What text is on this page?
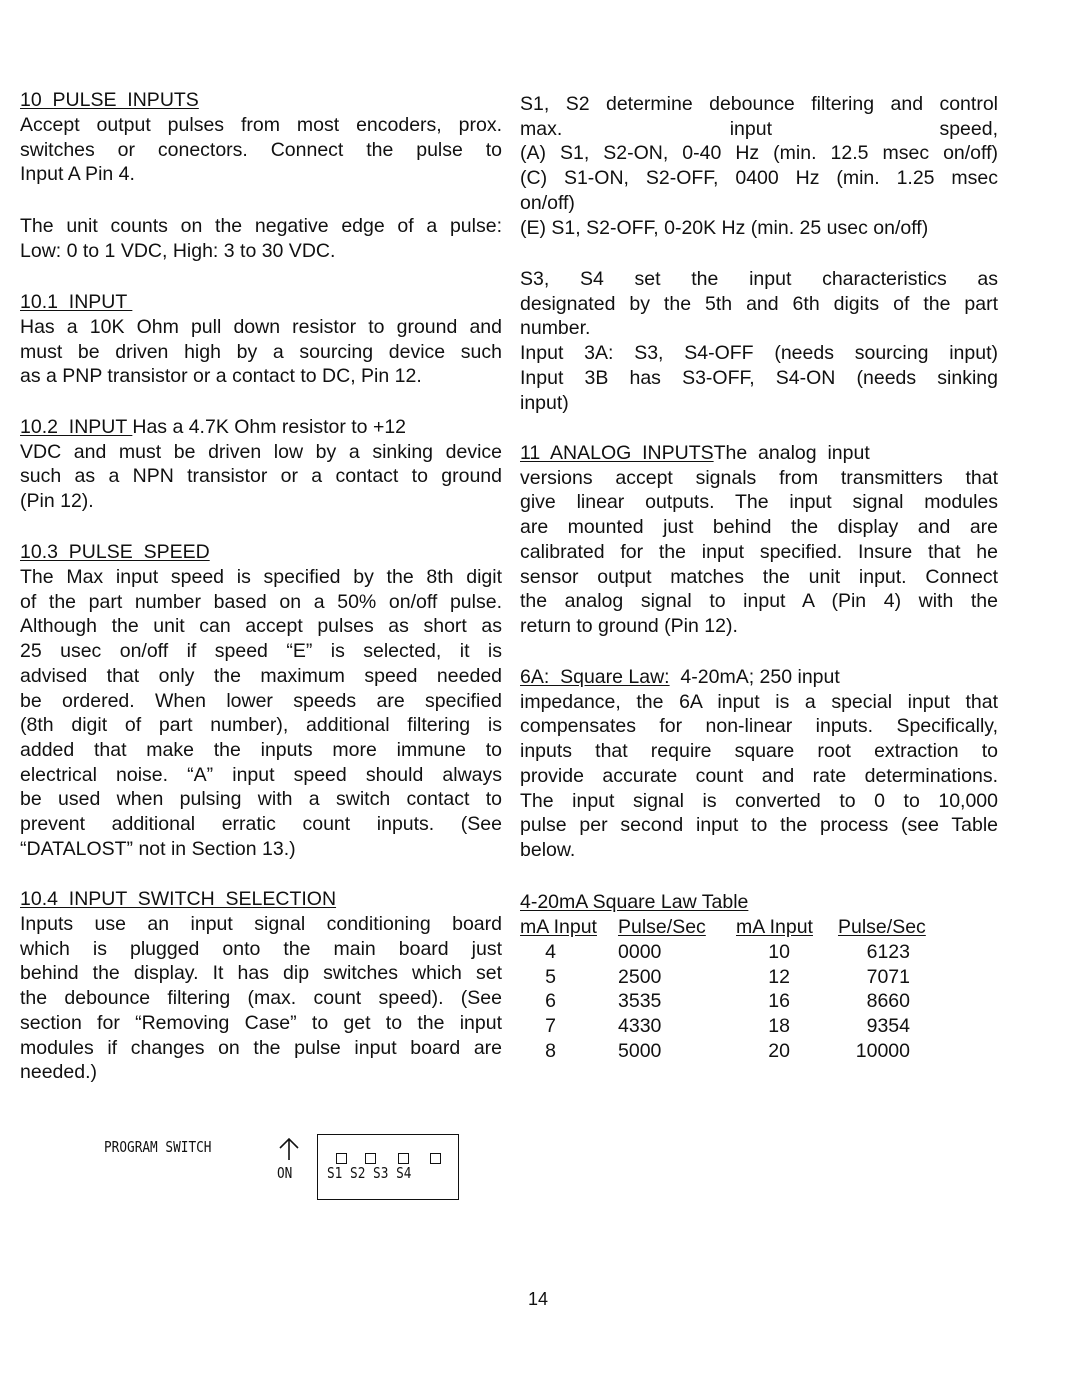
10  PULSE  INPUTS
Accept output pulses from most encoders, prox.
switches or conectors. Connect the pulse to
Input A Pin 4.
The unit counts on the negative edge of a pulse:
Low: 0 to 1 VDC, High: 3 to 30 VDC.
10.1  INPUT
Has a 10K Ohm pull down resistor to ground and
must be driven high by a sourcing device such
as a PNP transistor or a contact to DC, Pin 12.
10.2  INPUT Has a 4.7K Ohm resistor to +12
VDC and must be driven low by a sinking device
such as a NPN transistor or a contact to ground
(Pin 12).
10.3  PULSE  SPEED
The Max input speed is specified by the 8th digit
of the part number based on a 50% on/off pulse.
Although the unit can accept pulses as short as
25 usec on/off if speed “E” is selected, it is
advised that only the maximum speed needed
be ordered. When lower speeds are specified
(8th digit of part number), additional filtering is
added that make the inputs more immune to
electrical noise. “A” input speed should always
be used when pulsing with a switch contact to
prevent additional erratic count inputs. (See
“DATALOST” not in Section 13.)
10.4  INPUT  SWITCH  SELECTION
Inputs use an input signal conditioning board
which is plugged onto the main board just
behind the display. It has dip switches which set
the debounce filtering (max. count speed). (See
section for “Removing Case” to get to the input
modules if changes on the pulse input board are
needed.)
S1, S2 determine debounce filtering and control
max. input speed,
(A) S1, S2-ON, 0-40 Hz (min. 12.5 msec on/off)
(C) S1-ON, S2-OFF, 0400 Hz (min. 1.25 msec
on/off)
(E) S1, S2-OFF, 0-20K Hz (min. 25 usec on/off)
S3, S4 set the input characteristics as
designated by the 5th and 6th digits of the part
number.
Input 3A: S3, S4-OFF (needs sourcing input)
Input 3B has S3-OFF, S4-ON (needs sinking
input)
11  ANALOG  INPUTSThe  analog  input
versions accept signals from transmitters that
give linear outputs. The input signal modules
are mounted just behind the display and are
calibrated for the input specified. Insure that he
sensor output matches the unit input. Connect
the analog signal to input A (Pin 4) with the
return to ground (Pin 12).
6A:  Square Law:  4-20mA; 250 input
impedance, the 6A input is a special input that
compensates for non-linear inputs. Specifically,
inputs that require square root extraction to
provide accurate count and rate determinations.
The input signal is converted to 0 to 10,000
pulse per second input to the process (see Table
below.
4-20mA Square Law Table
mA Input	Pulse/Sec	mA Input	Pulse/Sec
4	0000	10	6123
5	2500	12	7071
6	3535	16	8660
7	4330	18	9354
8	5000	20	10000
PROGRAM SWITCH
ON S1 S2 S3 S4
14
